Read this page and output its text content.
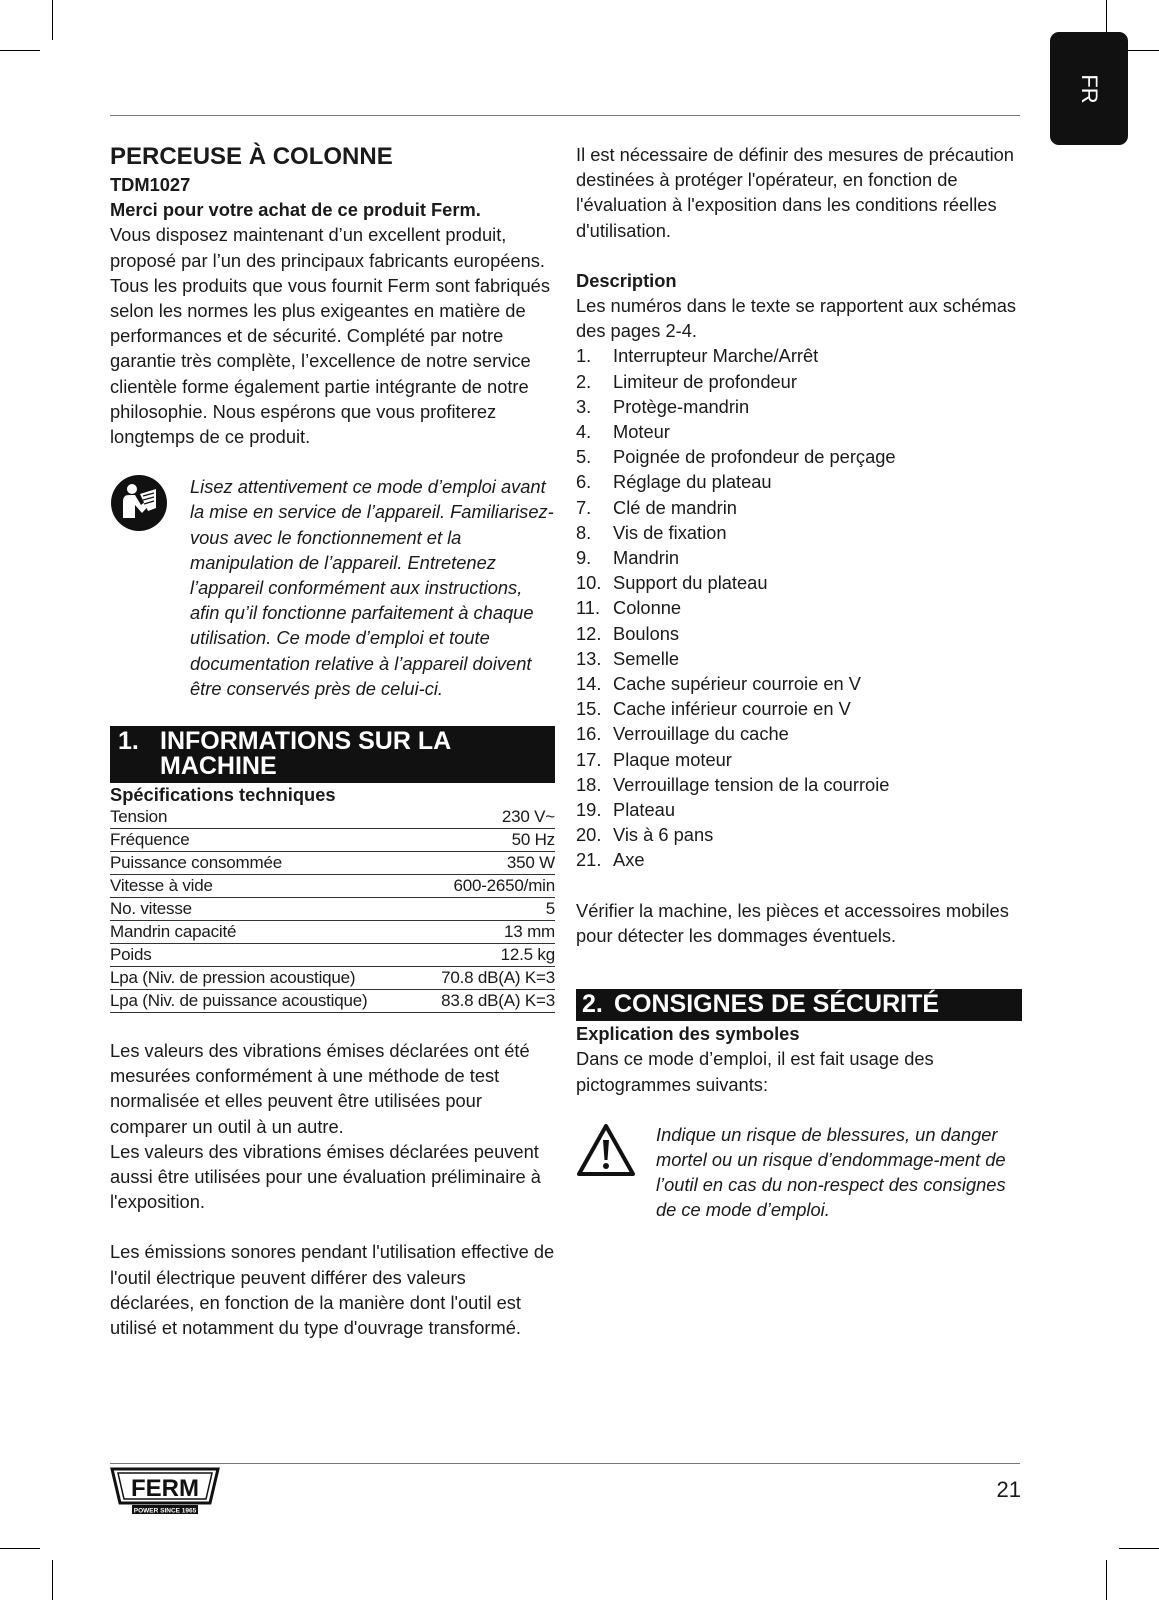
FR

PERCEUSE À COLONNE

TDM1027

Merci pour votre achat de ce produit Ferm.

Vous disposez maintenant d’un excellent produit, proposé par l’un des principaux fabricants européens. Tous les produits que vous fournit Ferm sont fabriqués selon les normes les plus exigeantes en matière de performances et de sécurité. Complété par notre garantie très complète, l’excellence de notre service clientèle forme également partie intégrante de notre philosophie. Nous espérons que vous profiterez longtemps de ce produit.

Lisez attentivement ce mode d’emploi avant la mise en service de l’appareil. Familiarisez-vous avec le fonctionnement et la manipulation de l’appareil. Entretenez l’appareil conformément aux instructions, afin qu’il fonctionne parfaitement à chaque utilisation. Ce mode d’emploi et toute documentation relative à l’appareil doivent être conservés près de celui-ci.

1. INFORMATIONS SUR LA MACHINE

Spécifications techniques

Tension	230 V~
Fréquence	50 Hz
Puissance consommée	350 W
Vitesse à vide	600-2650/min
No. vitesse	5
Mandrin capacité	13 mm
Poids	12.5 kg
Lpa (Niv. de pression acoustique)	70.8 dB(A) K=3
Lpa (Niv. de puissance acoustique)	83.8 dB(A) K=3

Les valeurs des vibrations émises déclarées ont été mesurées conformément à une méthode de test normalisée et elles peuvent être utilisées pour comparer un outil à un autre.

Les valeurs des vibrations émises déclarées peuvent aussi être utilisées pour une évaluation préliminaire à l'exposition.

Les émissions sonores pendant l'utilisation effective de l'outil électrique peuvent différer des valeurs déclarées, en fonction de la manière dont l'outil est utilisé et notamment du type d'ouvrage transformé.

Il est nécessaire de définir des mesures de précaution destinées à protéger l'opérateur, en fonction de l'évaluation à l'exposition dans les conditions réelles d'utilisation.

Description

Les numéros dans le texte se rapportent aux schémas des pages 2-4.

1.	Interrupteur Marche/Arrêt
2.	Limiteur de profondeur
3.	Protège-mandrin
4.	Moteur
5.	Poignée de profondeur de perçage
6.	Réglage du plateau
7.	Clé de mandrin
8.	Vis de fixation
9.	Mandrin
10. Support du plateau
11. Colonne
12. Boulons
13. Semelle
14. Cache supérieur courroie en V
15. Cache inférieur courroie en V
16. Verrouillage du cache
17. Plaque moteur
18. Verrouillage tension de la courroie
19. Plateau
20. Vis à 6 pans
21. Axe

Vérifier la machine, les pièces et accessoires mobiles pour détecter les dommages éventuels.

2. CONSIGNES DE SÉCURITÉ

Explication des symboles

Dans ce mode d’emploi, il est fait usage des pictogrammes suivants:

Indique un risque de blessures, un danger mortel ou un risque d’endommage-ment de l’outil en cas du non-respect des consignes de ce mode d’emploi.

FERM
POWER SINCE 1965
21
